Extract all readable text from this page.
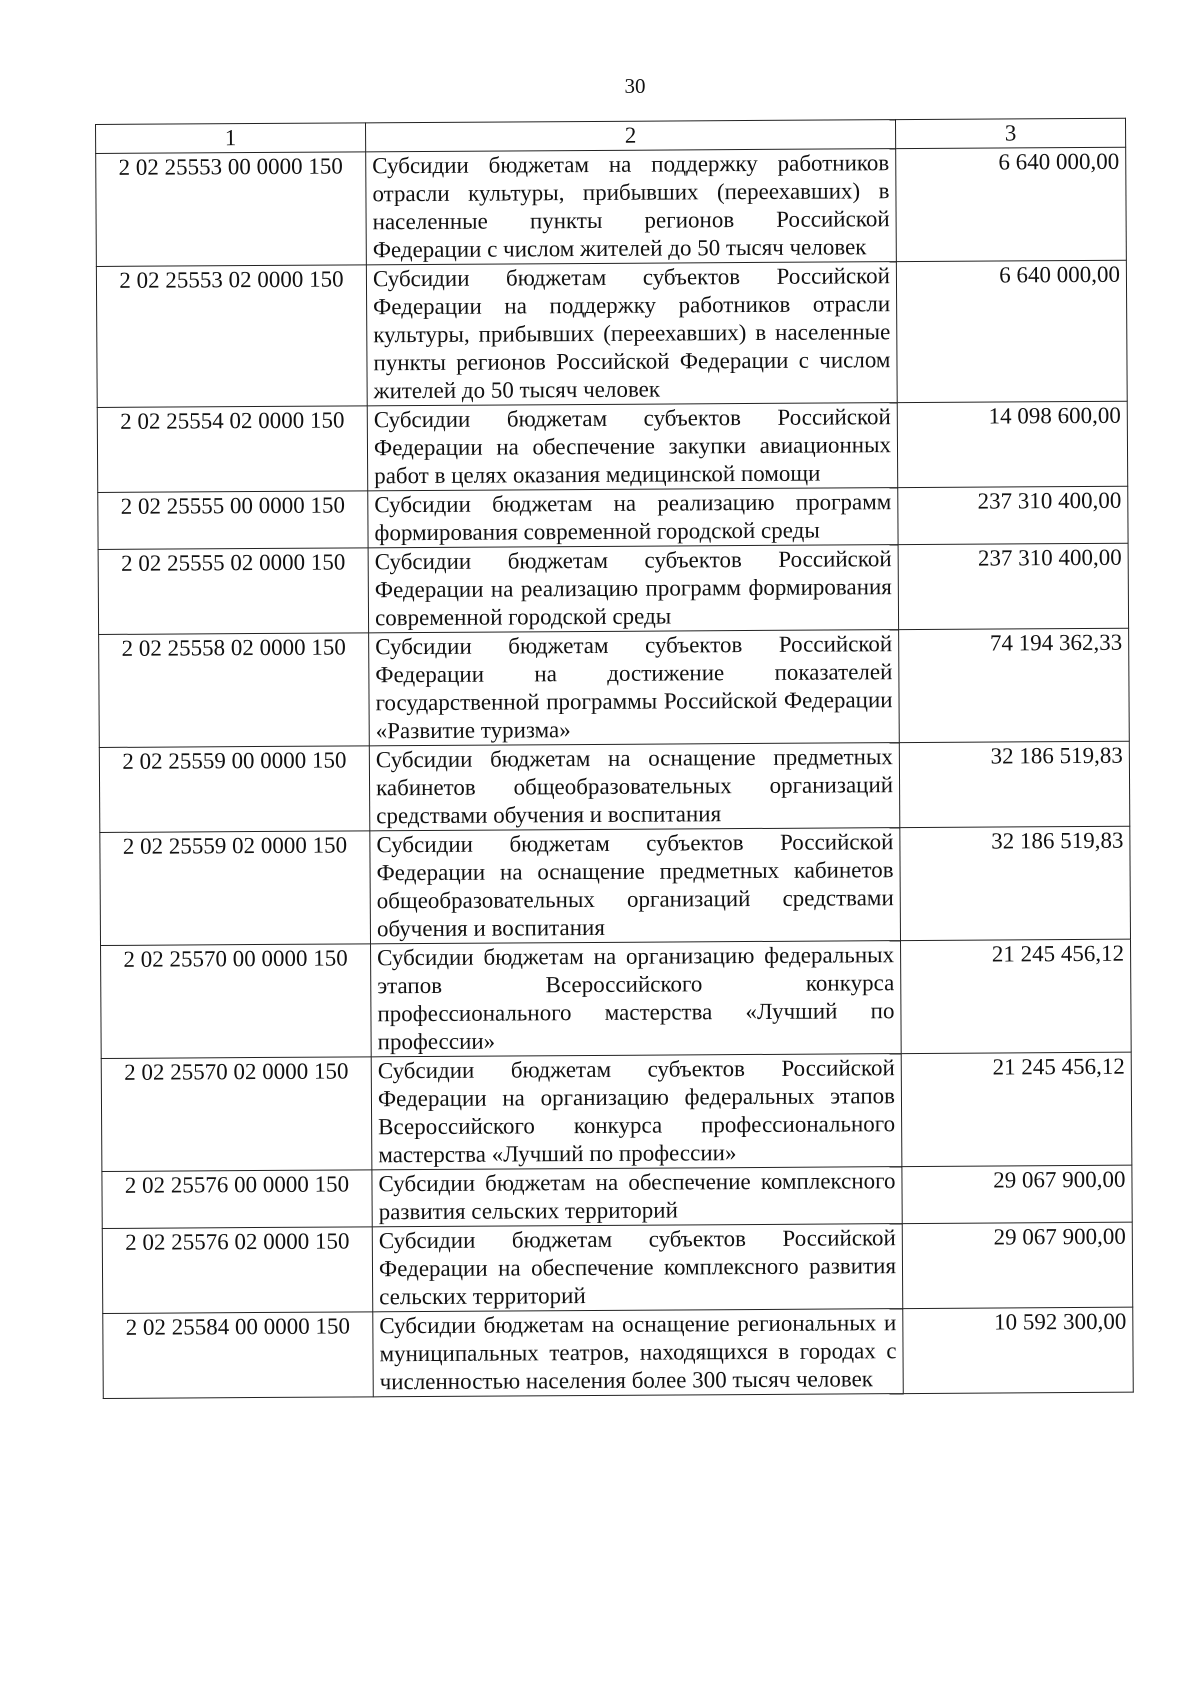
30
1	2	3
2 02 25553 00 0000 150	Субсидии бюджетам на поддержку работников отрасли культуры, прибывших (переехавших) в населенные пункты регионов Российской Федерации с числом жителей до 50 тысяч человек	6 640 000,00
2 02 25553 02 0000 150	Субсидии бюджетам субъектов Российской Федерации на поддержку работников отрасли культуры, прибывших (переехавших) в населенные пункты регионов Российской Федерации с числом жителей до 50 тысяч человек	6 640 000,00
2 02 25554 02 0000 150	Субсидии бюджетам субъектов Российской Федерации на обеспечение закупки авиационных работ в целях оказания медицинской помощи	14 098 600,00
2 02 25555 00 0000 150	Субсидии бюджетам на реализацию программ формирования современной городской среды	237 310 400,00
2 02 25555 02 0000 150	Субсидии бюджетам субъектов Российской Федерации на реализацию программ формирования современной городской среды	237 310 400,00
2 02 25558 02 0000 150	Субсидии бюджетам субъектов Российской Федерации на достижение показателей государственной программы Российской Федерации «Развитие туризма»	74 194 362,33
2 02 25559 00 0000 150	Субсидии бюджетам на оснащение предметных кабинетов общеобразовательных организаций средствами обучения и воспитания	32 186 519,83
2 02 25559 02 0000 150	Субсидии бюджетам субъектов Российской Федерации на оснащение предметных кабинетов общеобразовательных организаций средствами обучения и воспитания	32 186 519,83
2 02 25570 00 0000 150	Субсидии бюджетам на организацию федеральных этапов Всероссийского конкурса профессионального мастерства «Лучший по профессии»	21 245 456,12
2 02 25570 02 0000 150	Субсидии бюджетам субъектов Российской Федерации на организацию федеральных этапов Всероссийского конкурса профессионального мастерства «Лучший по профессии»	21 245 456,12
2 02 25576 00 0000 150	Субсидии бюджетам на обеспечение комплексного развития сельских территорий	29 067 900,00
2 02 25576 02 0000 150	Субсидии бюджетам субъектов Российской Федерации на обеспечение комплексного развития сельских территорий	29 067 900,00
2 02 25584 00 0000 150	Субсидии бюджетам на оснащение региональных и муниципальных театров, находящихся в городах с численностью населения более 300 тысяч человек	10 592 300,00
